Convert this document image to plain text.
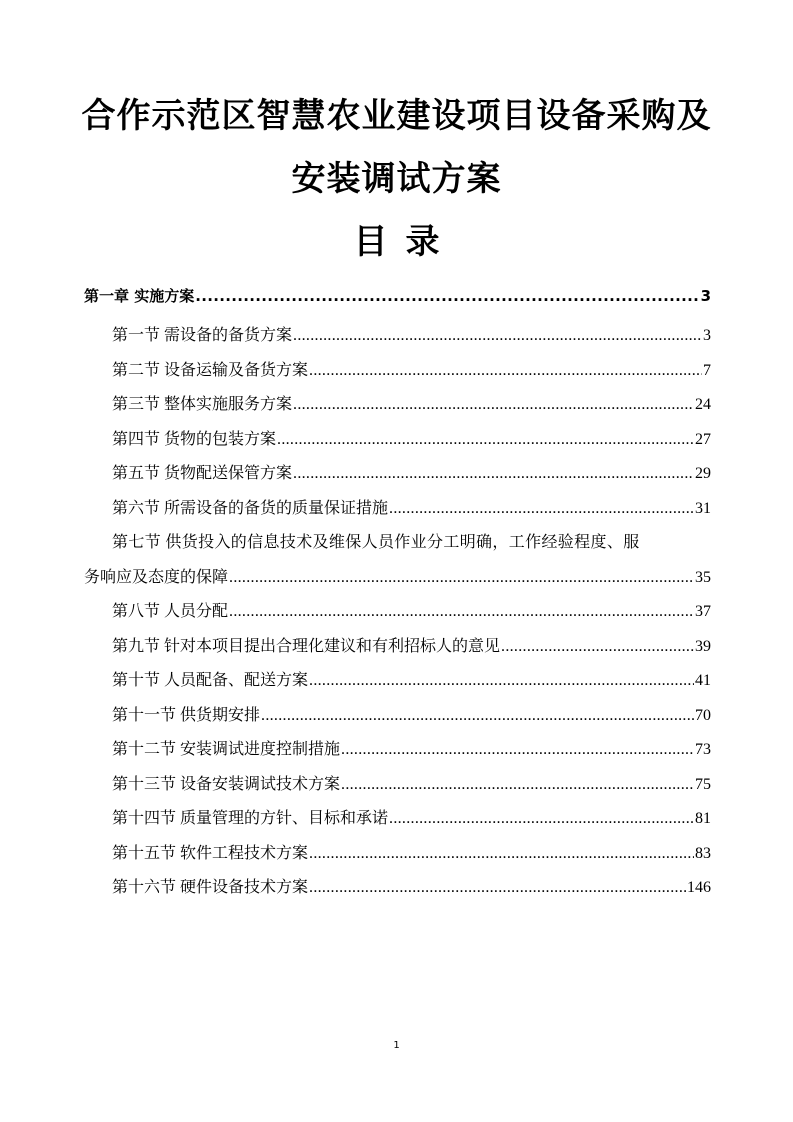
合作示范区智慧农业建设项目设备采购及
安装调试方案
目 录
第一章 实施方案 .....	3
第一节 需设备的备货方案 .....	3
第二节 设备运输及备货方案 .....	7
第三节 整体实施服务方案 .....	24
第四节 货物的包装方案 .....	27
第五节 货物配送保管方案 .....	29
第六节 所需设备的备货的质量保证措施 .....	31
第七节 供货投入的信息技术及维保人员作业分工明确，工作经验程度、服
务响应及态度的保障 .....	35
第八节 人员分配 .....	37
第九节 针对本项目提出合理化建议和有利招标人的意见 .....	39
第十节 人员配备、配送方案 .....	41
第十一节 供货期安排 .....	70
第十二节 安装调试进度控制措施 .....	73
第十三节 设备安装调试技术方案 .....	75
第十四节 质量管理的方针、目标和承诺 .....	81
第十五节 软件工程技术方案 .....	83
第十六节 硬件设备技术方案 .....	146
1
